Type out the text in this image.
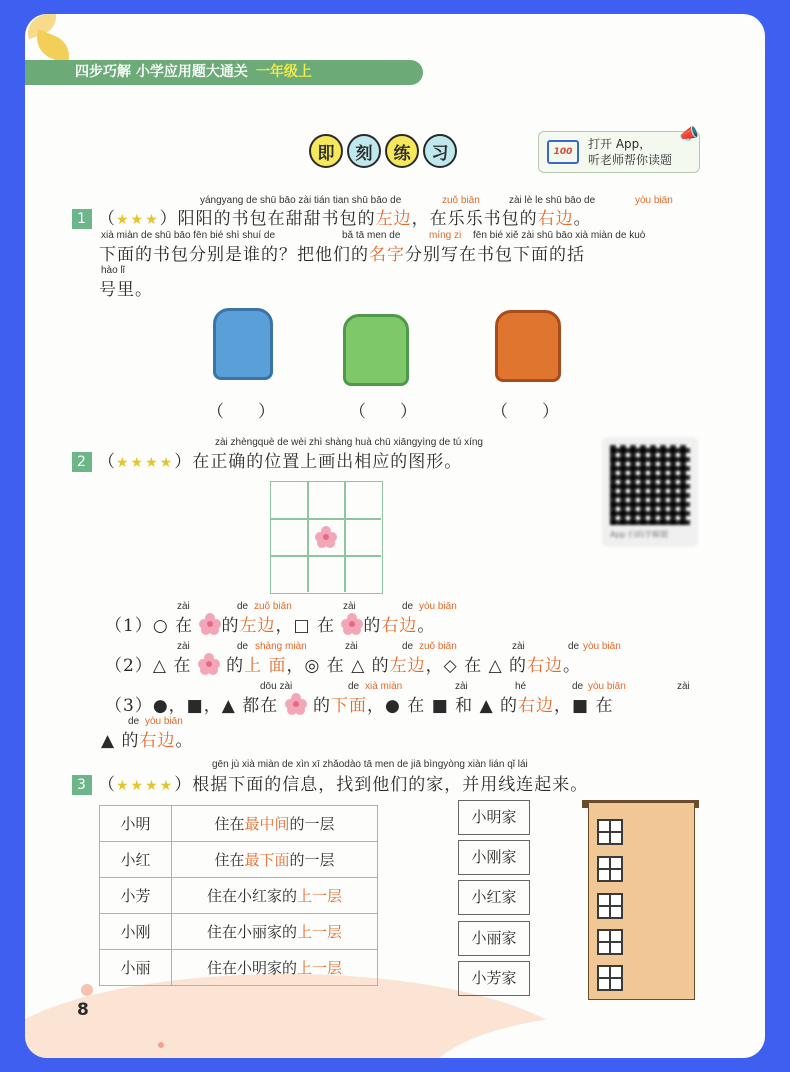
四步巧解 小学应用题大通关 一年级上
即	刻	练	习	100
打开 App，
听老师帮你读题
📣
yángyang de shū bāo zài tián tian shū bāo de	zuǒ biān	zài lè le shū bāo de	yòu biān
1 （★★★）阳阳的书包在甜甜书包的左边，在乐乐书包的右边。
xià miàn de shū bāo fēn bié shì shuí de	bǎ tā men de	míng zi fēn bié xiě zài shū bāo xià miàn de kuò
下面的书包分别是谁的？把他们的名字分别写在书包下面的括
hào lǐ
号里。
（　　）	（　　）	（　　）
zài zhèngquè de wèi zhì shàng huà chū xiāngyìng de tú xíng
2 （★★★★）在正确的位置上画出相应的图形。
App 扫码学解题
zài	de zuǒ biān	zài	de yòu biān
（1）○ 在 的左边，□ 在 的右边。
zài	de shàng miàn	zài	de zuǒ biān	zài	de yòu biān
（2）△ 在 的上 面，◎ 在 △ 的左边，◇ 在 △ 的右边。
dōu zài	de xià miàn	zài	hé	de yòu biān	zài
（3）●，■，▲ 都在 的下面，● 在 ■ 和 ▲ 的右边，■ 在
de yòu biān
▲ 的右边。
gēn jù xià miàn de xìn xī zhǎodào tā men de jiā bìngyòng xiàn lián qǐ lái
3 （★★★★）根据下面的信息，找到他们的家，并用线连起来。
小明	住在最中间的一层
小红	住在最下面的一层
小芳	住在小红家的上一层
小刚	住在小丽家的上一层
小丽	住在小明家的上一层
小明家
小刚家
小红家
小丽家
小芳家
8
